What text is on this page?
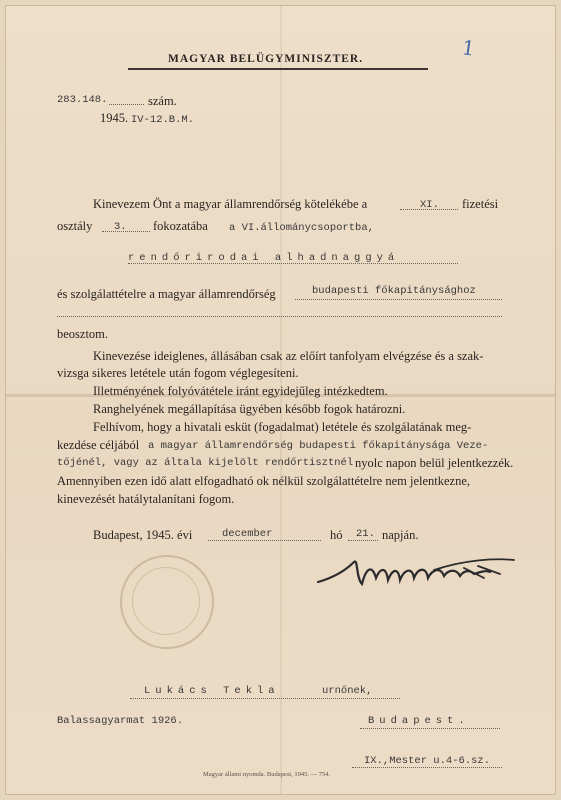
1
MAGYAR BELÜGYMINISZTER.
283.148.	szám.
1945. IV-12.B.M.
Kinevezem Önt a magyar államrendőrség kötelékébe a	XI. fizetési
osztály 3. fokozatába a VI.állománycsoportba,
rendőrirodai alhadnaggyá
és szolgálattételre a magyar államrendőrség	budapesti főkapitánysághoz
beosztom.
Kinevezése ideiglenes, állásában csak az előírt tanfolyam elvégzése és a szak-
vizsga sikeres letétele után fogom véglegesíteni.
Illetményének folyóvátétele iránt egyidejűleg intézkedtem.
Ranghelyének megállapítása ügyében később fogok határozni.
Felhívom, hogy a hivatali esküt (fogadalmat) letétele és szolgálatának meg-
kezdése céljából a magyar államrendőrség budapesti főkapitánysága Veze-
tőjénél, vagy az általa kijelölt rendőrtisztnél nyolc napon belül jelentkezzék.
Amennyiben ezen idő alatt elfogadható ok nélkül szolgálattételre nem jelentkezne,
kinevezését hatálytalanítani fogom.
Budapest, 1945. évi	december	hó 21. napján.
Lukács Tekla	urnőnek,
Balassagyarmat 1926.	Budapest.
IX.,Mester u.4-6.sz.
Magyar állami nyomda. Budapest, 1945. — 754.
